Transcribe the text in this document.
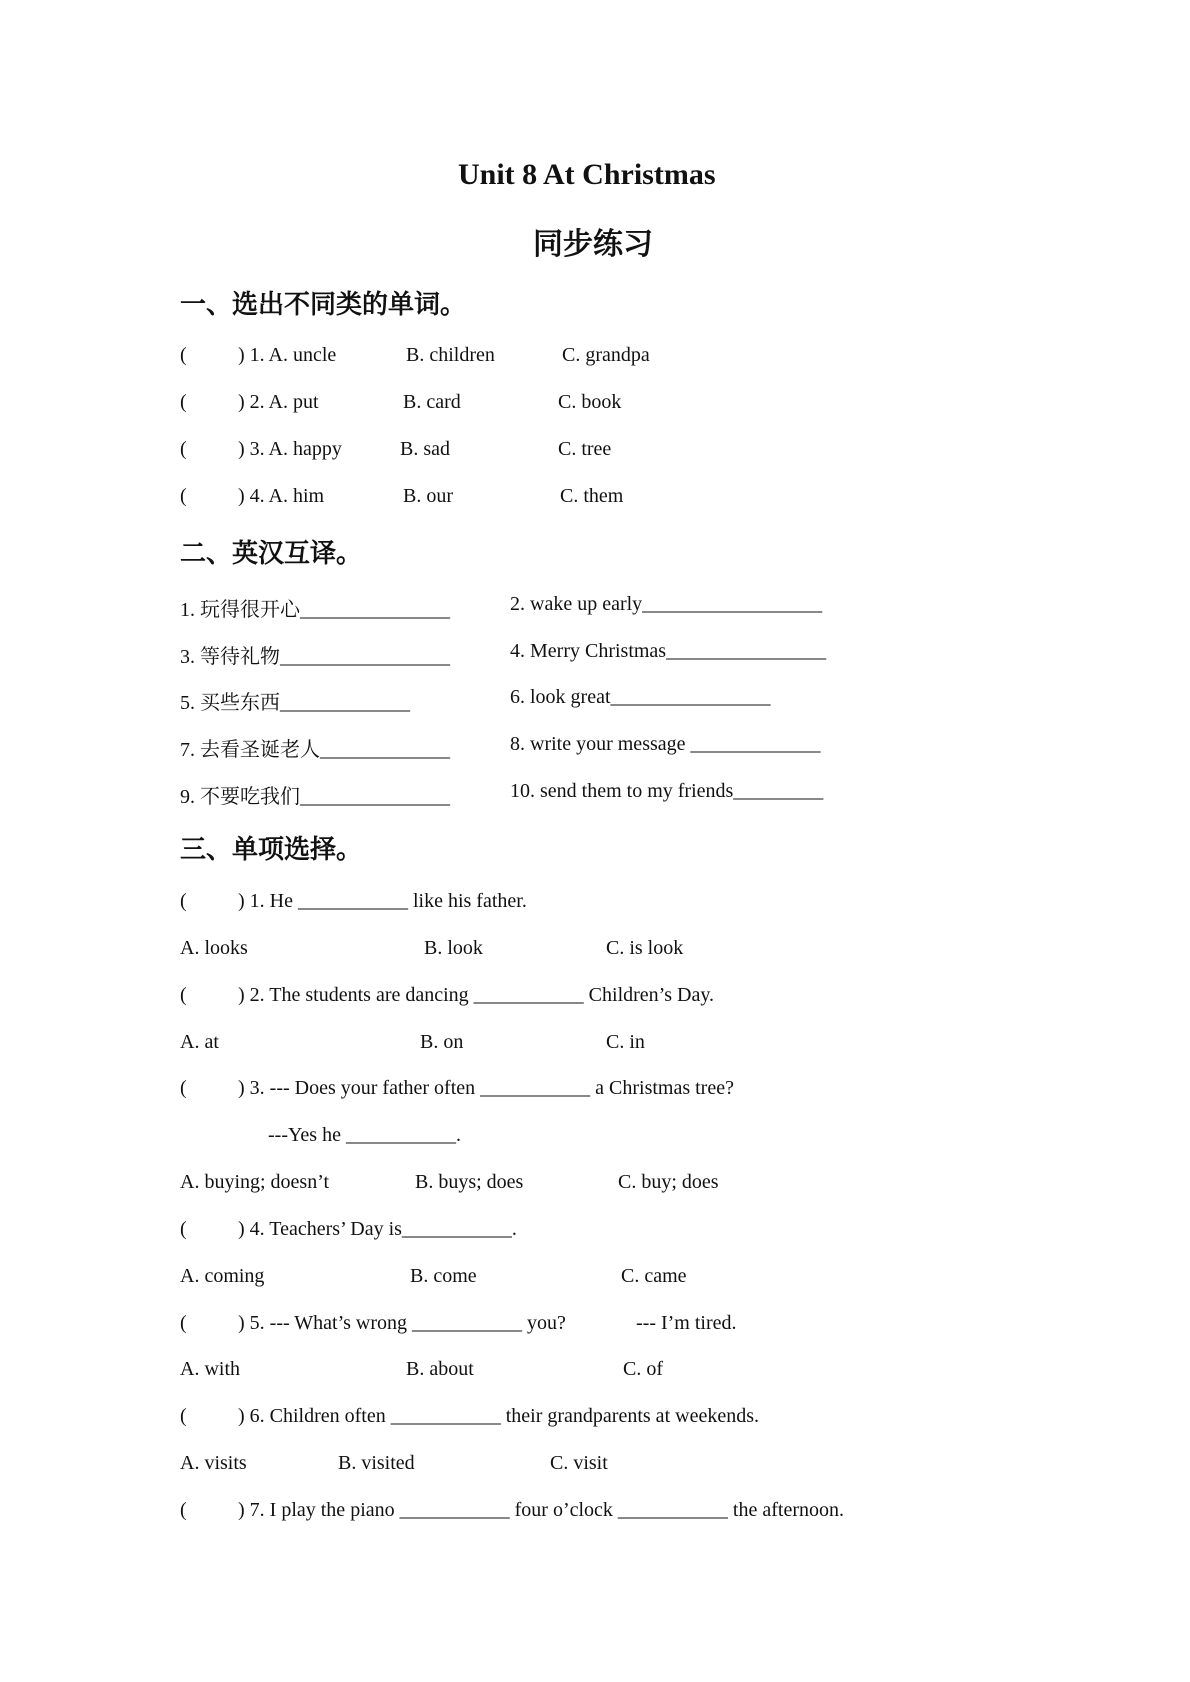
Unit 8 At Christmas
同步练习
一、选出不同类的单词。
(	) 1. A. uncle	B. children	C. grandpa
(	) 2. A. put	B. card	C. book
(	) 3. A. happy	B. sad	C. tree
(	) 4. A. him	B. our	C. them
二、英汉互译。
1. 玩得很开心_______________	2. wake up early__________________
3. 等待礼物_________________	4. Merry Christmas________________
5. 买些东西_____________	6. look great________________
7. 去看圣诞老人_____________	8. write your message _____________
9. 不要吃我们_______________	10. send them to my friends_________
三、单项选择。
(	) 1. He ___________ like his father.
A. looks	B. look	C. is look
(	) 2. The students are dancing ___________ Children’s Day.
A. at	B. on	C. in
(	) 3. --- Does your father often ___________ a Christmas tree?
---Yes he ___________.
A. buying; doesn’t	B. buys; does	C. buy; does
(	) 4. Teachers’ Day is___________.
A. coming	B. come	C. came
(	) 5. --- What’s wrong ___________ you?	--- I’m tired.
A. with	B. about	C. of
(	) 6. Children often ___________ their grandparents at weekends.
A. visits	B. visited	C. visit
(	) 7. I play the piano ___________ four o’clock ___________ the afternoon.
